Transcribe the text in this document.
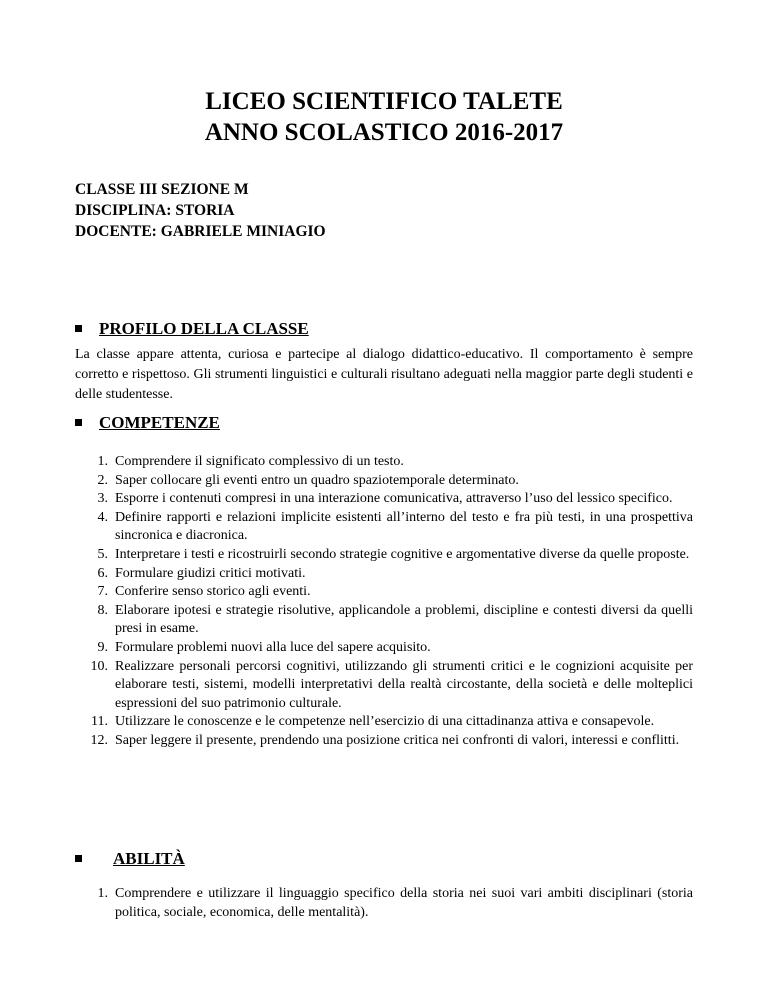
LICEO SCIENTIFICO TALETE
ANNO SCOLASTICO 2016-2017
CLASSE III SEZIONE M
DISCIPLINA: STORIA
DOCENTE: GABRIELE MINIAGIO
PROFILO DELLA CLASSE
La classe appare attenta, curiosa e partecipe al dialogo didattico-educativo. Il comportamento è sempre corretto e rispettoso. Gli strumenti linguistici e culturali risultano adeguati nella maggior parte degli studenti e delle studentesse.
COMPETENZE
1. Comprendere il significato complessivo di un testo.
2. Saper collocare gli eventi entro un quadro spaziotemporale determinato.
3. Esporre i contenuti compresi in una interazione comunicativa, attraverso l’uso del lessico specifico.
4. Definire rapporti e relazioni implicite esistenti all’interno del testo e fra più testi, in una prospettiva sincronica e diacronica.
5. Interpretare i testi e ricostruirli secondo strategie cognitive e argomentative diverse da quelle proposte.
6. Formulare giudizi critici motivati.
7. Conferire senso storico agli eventi.
8. Elaborare ipotesi e strategie risolutive, applicandole a problemi, discipline e contesti diversi da quelli presi in esame.
9. Formulare problemi nuovi alla luce del sapere acquisito.
10. Realizzare personali percorsi cognitivi, utilizzando gli strumenti critici e le cognizioni acquisite per elaborare testi, sistemi, modelli interpretativi della realtà circostante, della società e delle molteplici espressioni del suo patrimonio culturale.
11. Utilizzare le conoscenze e le competenze nell’esercizio di una cittadinanza attiva e consapevole.
12. Saper leggere il presente, prendendo una posizione critica nei confronti di valori, interessi e conflitti.
ABILITÀ
1. Comprendere e utilizzare il linguaggio specifico della storia nei suoi vari ambiti disciplinari (storia politica, sociale, economica, delle mentalità).
